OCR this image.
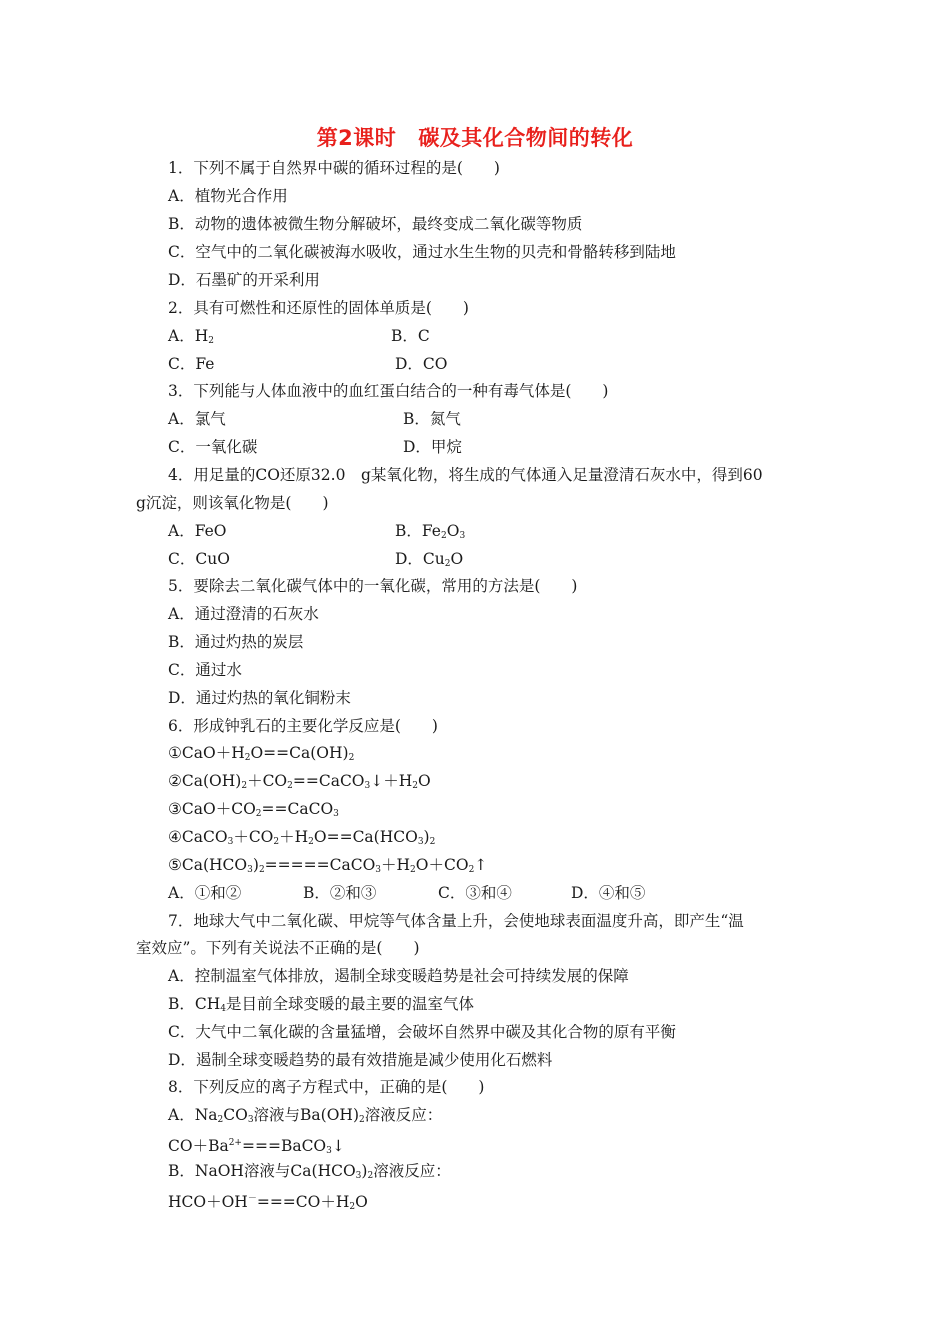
第2课时 碳及其化合物间的转化
1．下列不属于自然界中碳的循环过程的是(　　)
A．植物光合作用
B．动物的遗体被微生物分解破坏，最终变成二氧化碳等物质
C．空气中的二氧化碳被海水吸收，通过水生生物的贝壳和骨骼转移到陆地
D．石墨矿的开采利用
2．具有可燃性和还原性的固体单质是(　　)
A．$H_2$	B．C
C．Fe	D．CO
3．下列能与人体血液中的血红蛋白结合的一种有毒气体是(　　)
A．氯气	B．氮气
C．一氧化碳	D．甲烷
4．用足量的CO还原32.0　g某氧化物，将生成的气体通入足量澄清石灰水中，得到60
g沉淀，则该氧化物是(　　)
A．FeO	B．$Fe_2O_3$
C．CuO	D．$Cu_2O$
5．要除去二氧化碳气体中的一氧化碳，常用的方法是(　　)
A．通过澄清的石灰水
B．通过灼热的炭层
C．通过水
D．通过灼热的氧化铜粉末
6．形成钟乳石的主要化学反应是(　　)
$①CaO+H_2O==Ca(OH)_2$
$②Ca(OH)_2+CO_2==CaCO_3↓+H_2O$
$③CaO+CO_2==CaCO_3$
$④CaCO_3+CO_2+H_2O==Ca(HCO_3)_2$
$⑤Ca(HCO_3)_2=====CaCO_3+H_2O+CO_2↑$
A．①和②	B．②和③	C．③和④	D．④和⑤
7．地球大气中二氧化碳、甲烷等气体含量上升，会使地球表面温度升高，即产生“温
室效应”。下列有关说法不正确的是(　　)
A．控制温室气体排放，遏制全球变暖趋势是社会可持续发展的保障
B．$CH_4$是目前全球变暖的最主要的温室气体
C．大气中二氧化碳的含量猛增，会破坏自然界中碳及其化合物的原有平衡
D．遏制全球变暖趋势的最有效措施是减少使用化石燃料
8．下列反应的离子方程式中，正确的是(　　)
A．$Na_2CO_3$溶液与$Ba(OH)_2$溶液反应：
$CO+Ba^{2+}===BaCO_3↓$
B．NaOH溶液与$Ca(HCO_3)_2$溶液反应：
$HCO+OH^-===CO+H_2O$
